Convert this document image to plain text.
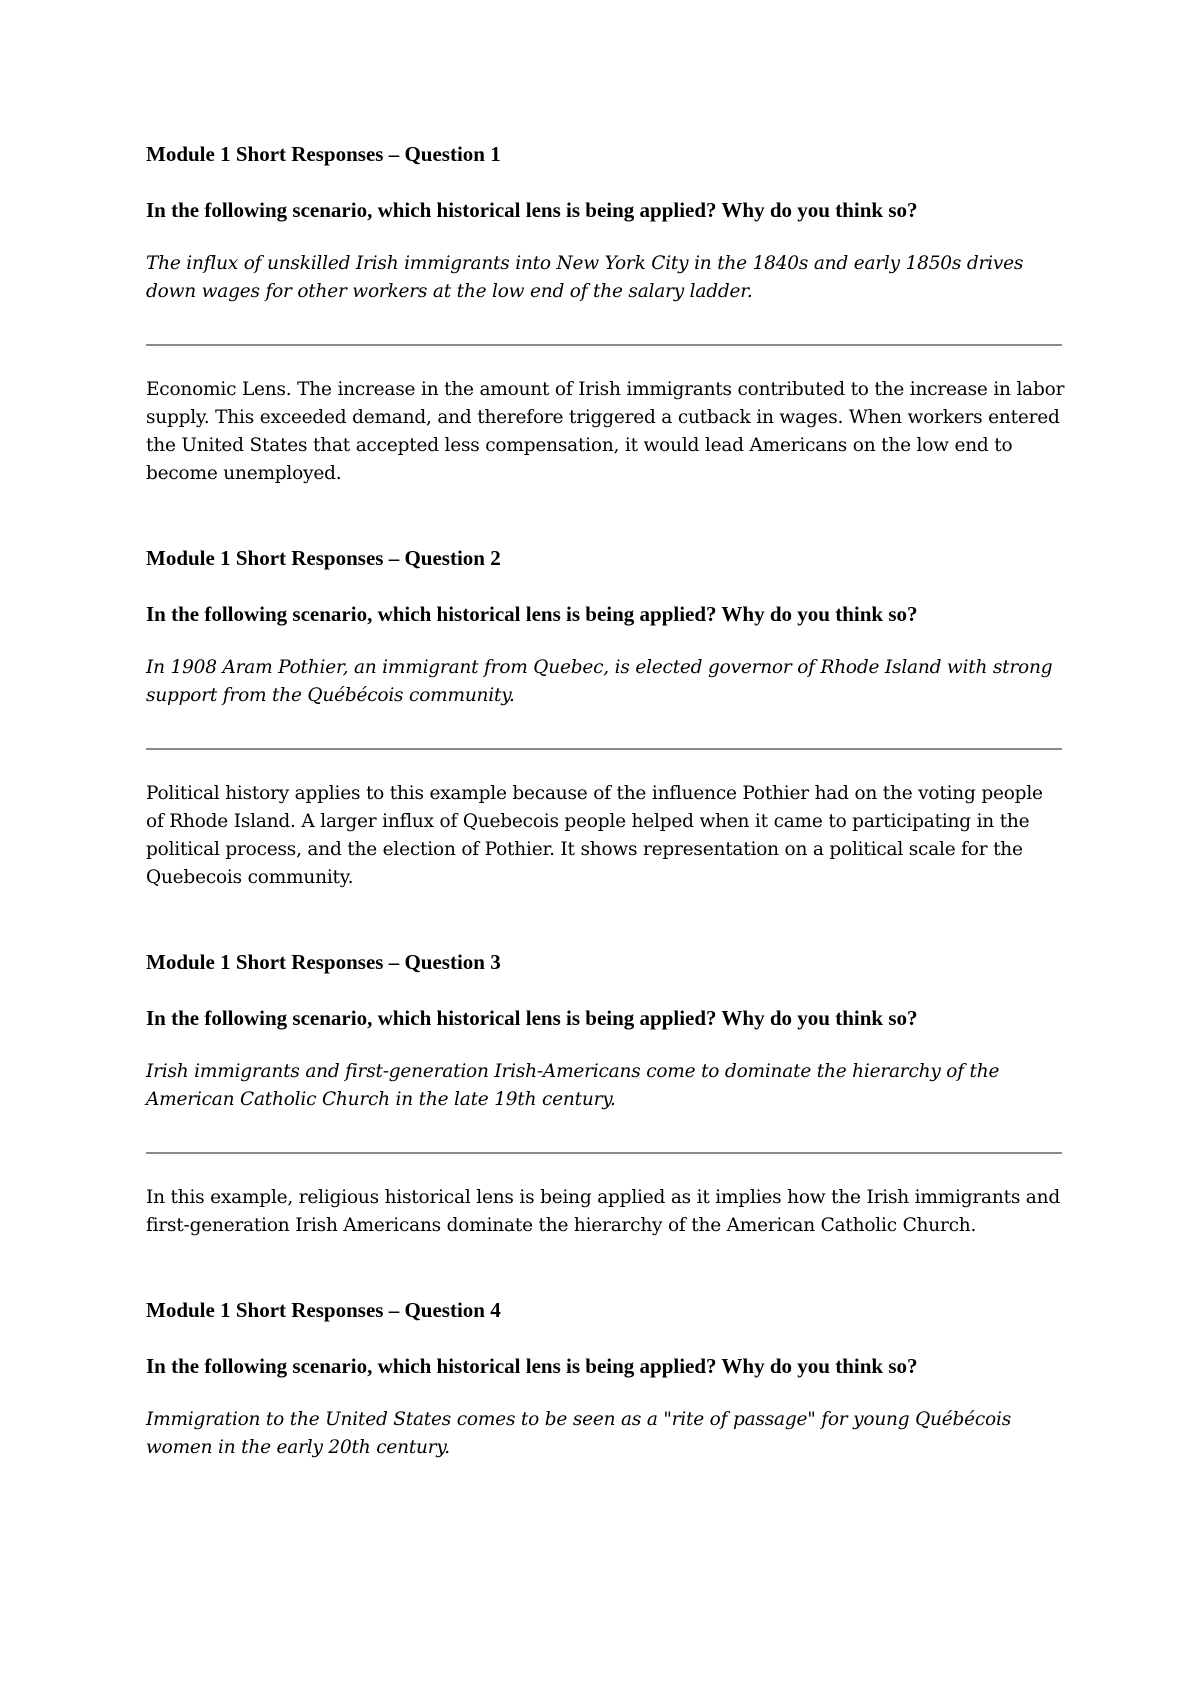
Module 1 Short Responses – Question 1

In the following scenario, which historical lens is being applied? Why do you think so?

The influx of unskilled Irish immigrants into New York City in the 1840s and early 1850s drives down wages for other workers at the low end of the salary ladder.

Economic Lens. The increase in the amount of Irish immigrants contributed to the increase in labor supply. This exceeded demand, and therefore triggered a cutback in wages. When workers entered the United States that accepted less compensation, it would lead Americans on the low end to become unemployed.

Module 1 Short Responses – Question 2

In the following scenario, which historical lens is being applied? Why do you think so?

In 1908 Aram Pothier, an immigrant from Quebec, is elected governor of Rhode Island with strong support from the Québécois community.

Political history applies to this example because of the influence Pothier had on the voting people of Rhode Island. A larger influx of Quebecois people helped when it came to participating in the political process, and the election of Pothier. It shows representation on a political scale for the Quebecois community.

Module 1 Short Responses – Question 3

In the following scenario, which historical lens is being applied? Why do you think so?

Irish immigrants and first-generation Irish-Americans come to dominate the hierarchy of the American Catholic Church in the late 19th century.

In this example, religious historical lens is being applied as it implies how the Irish immigrants and first-generation Irish Americans dominate the hierarchy of the American Catholic Church.

Module 1 Short Responses – Question 4

In the following scenario, which historical lens is being applied? Why do you think so?

Immigration to the United States comes to be seen as a "rite of passage" for young Québécois women in the early 20th century.
